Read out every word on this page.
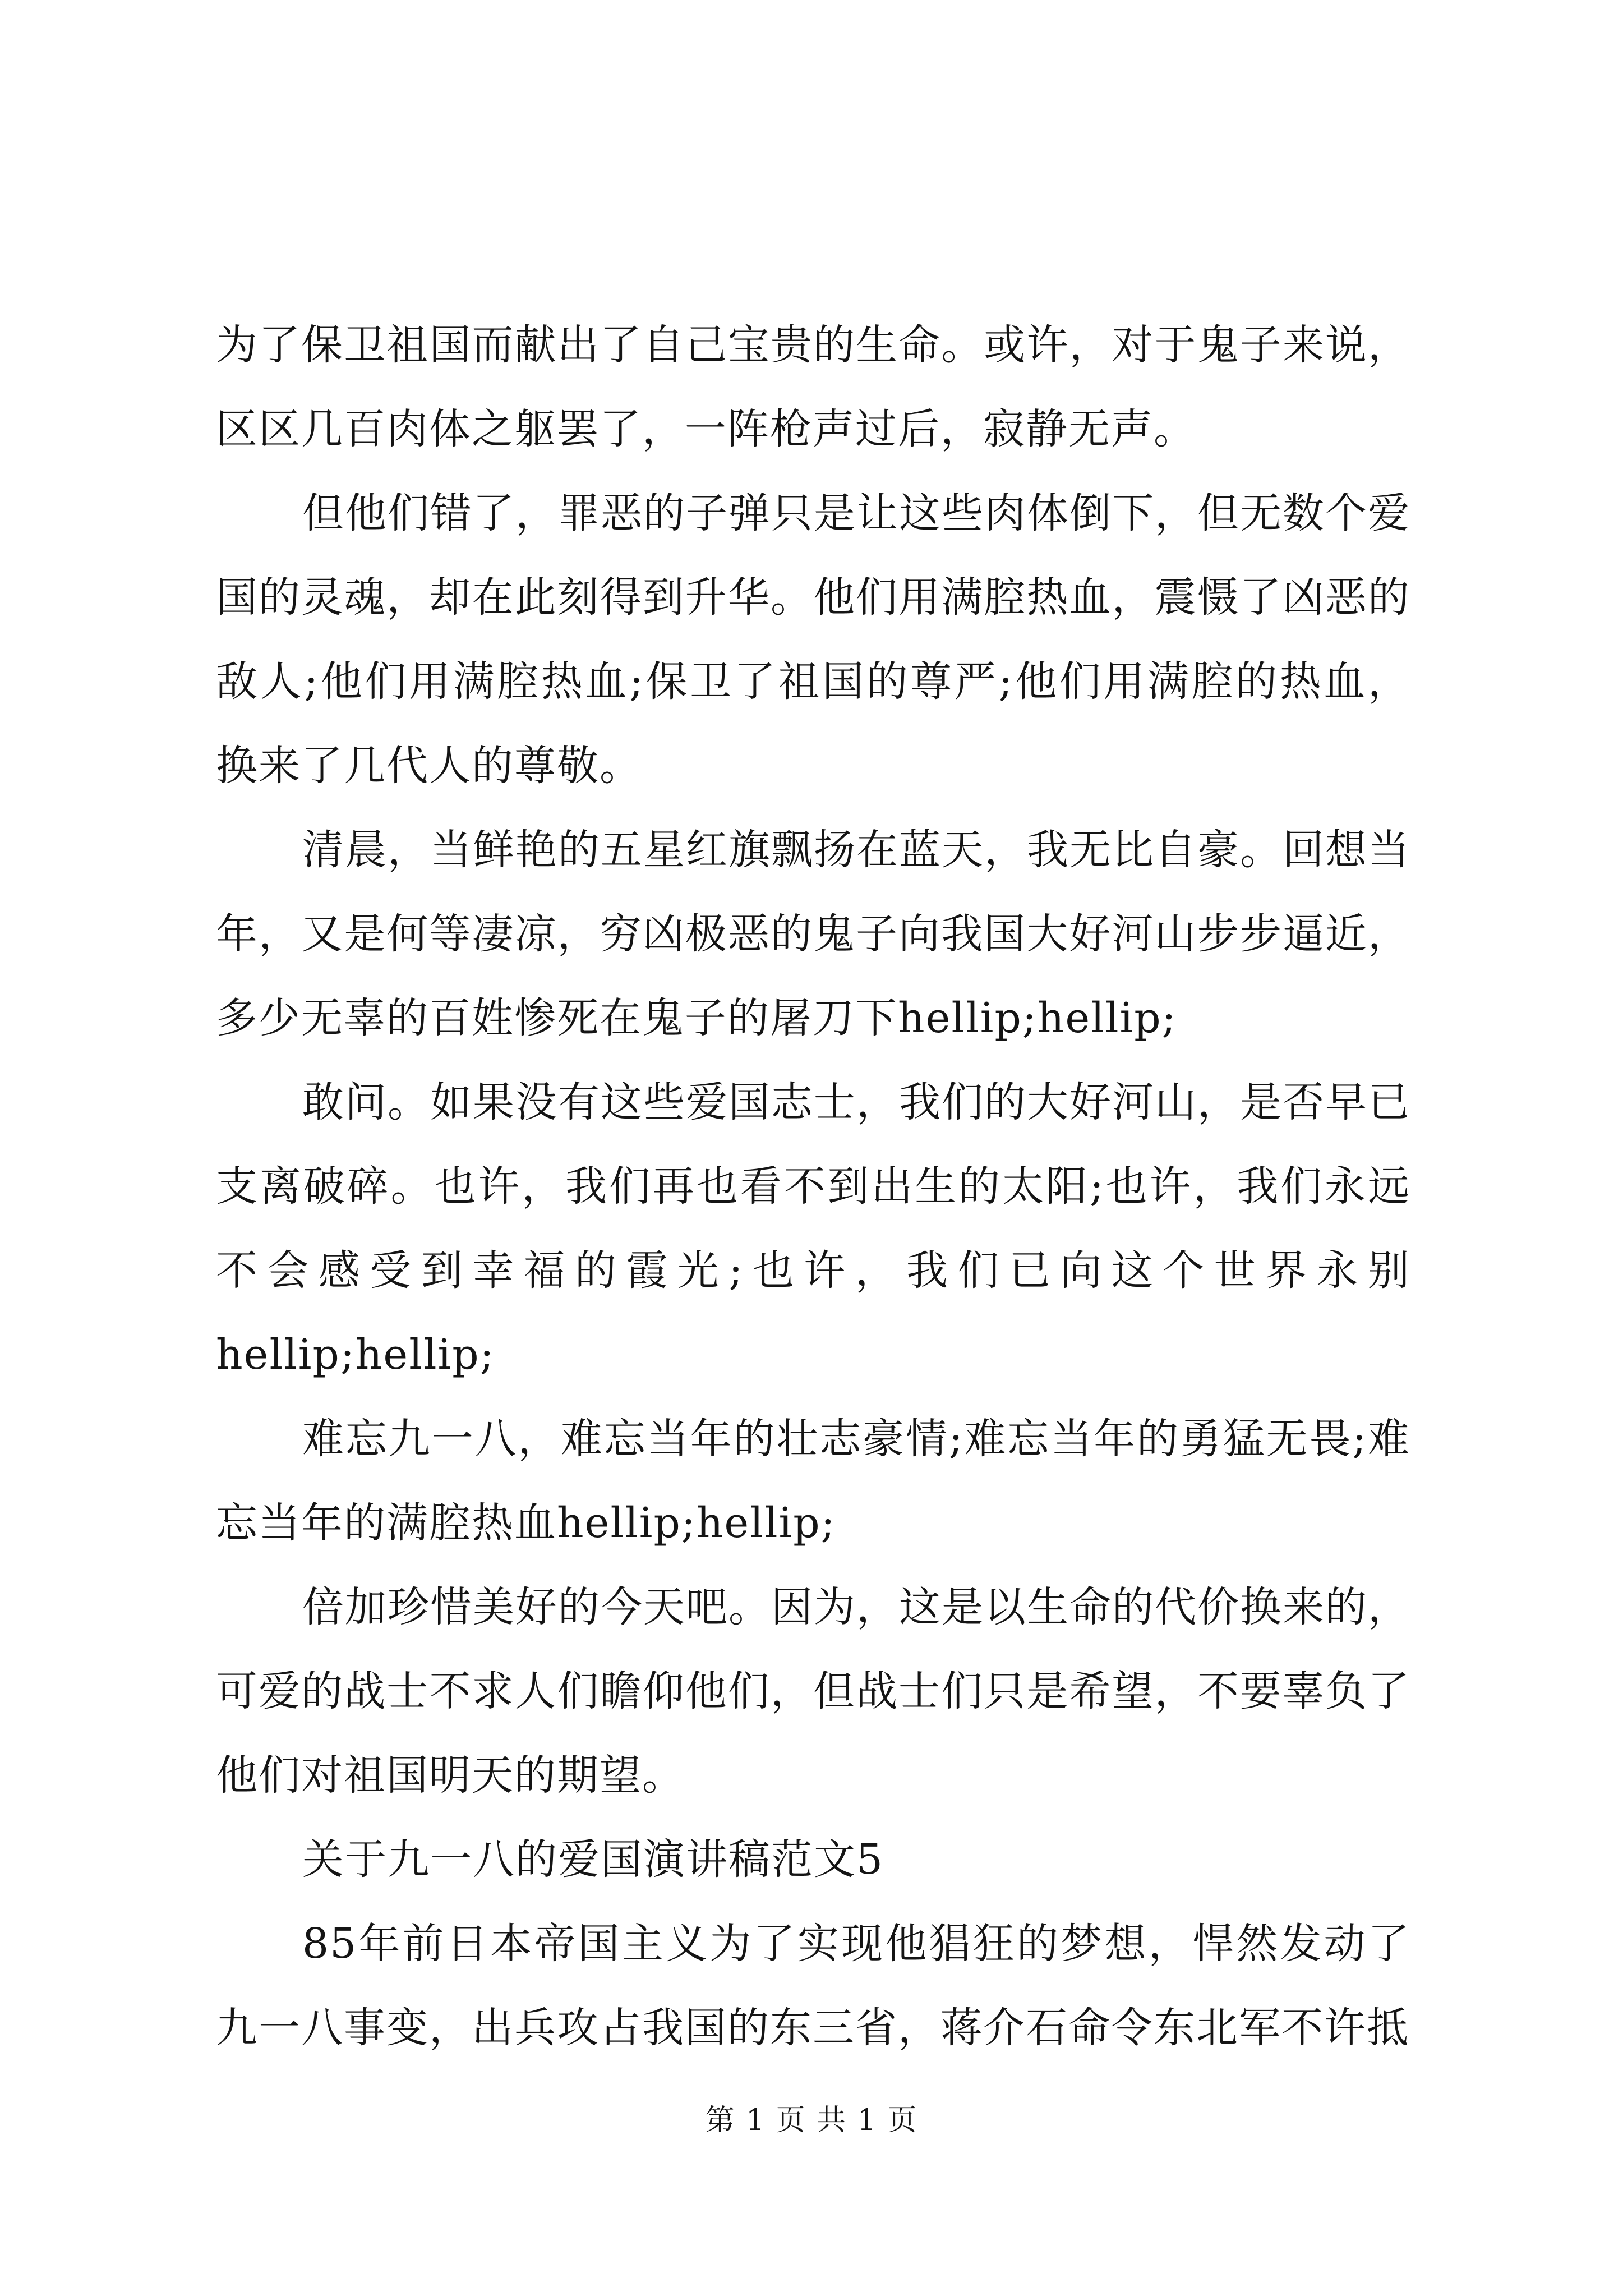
为了保卫祖国而献出了自己宝贵的生命。或许，对于鬼子来说，区区几百肉体之躯罢了，一阵枪声过后，寂静无声。

但他们错了，罪恶的子弹只是让这些肉体倒下，但无数个爱国的灵魂，却在此刻得到升华。他们用满腔热血，震慑了凶恶的敌人;他们用满腔热血;保卫了祖国的尊严;他们用满腔的热血，换来了几代人的尊敬。

清晨，当鲜艳的五星红旗飘扬在蓝天，我无比自豪。回想当年，又是何等凄凉，穷凶极恶的鬼子向我国大好河山步步逼近，多少无辜的百姓惨死在鬼子的屠刀下hellip;hellip;

敢问。如果没有这些爱国志士，我们的大好河山，是否早已支离破碎。也许，我们再也看不到出生的太阳;也许，我们永远不会感受到幸福的霞光;也许，我们已向这个世界永别hellip;hellip;

难忘九一八，难忘当年的壮志豪情;难忘当年的勇猛无畏;难忘当年的满腔热血hellip;hellip;

倍加珍惜美好的今天吧。因为，这是以生命的代价换来的，可爱的战士不求人们瞻仰他们，但战士们只是希望，不要辜负了他们对祖国明天的期望。

关于九一八的爱国演讲稿范文5

85年前日本帝国主义为了实现他猖狂的梦想，悍然发动了九一八事变，出兵攻占我国的东三省，蒋介石命令东北军不许抵

第 1 页 共 1 页
